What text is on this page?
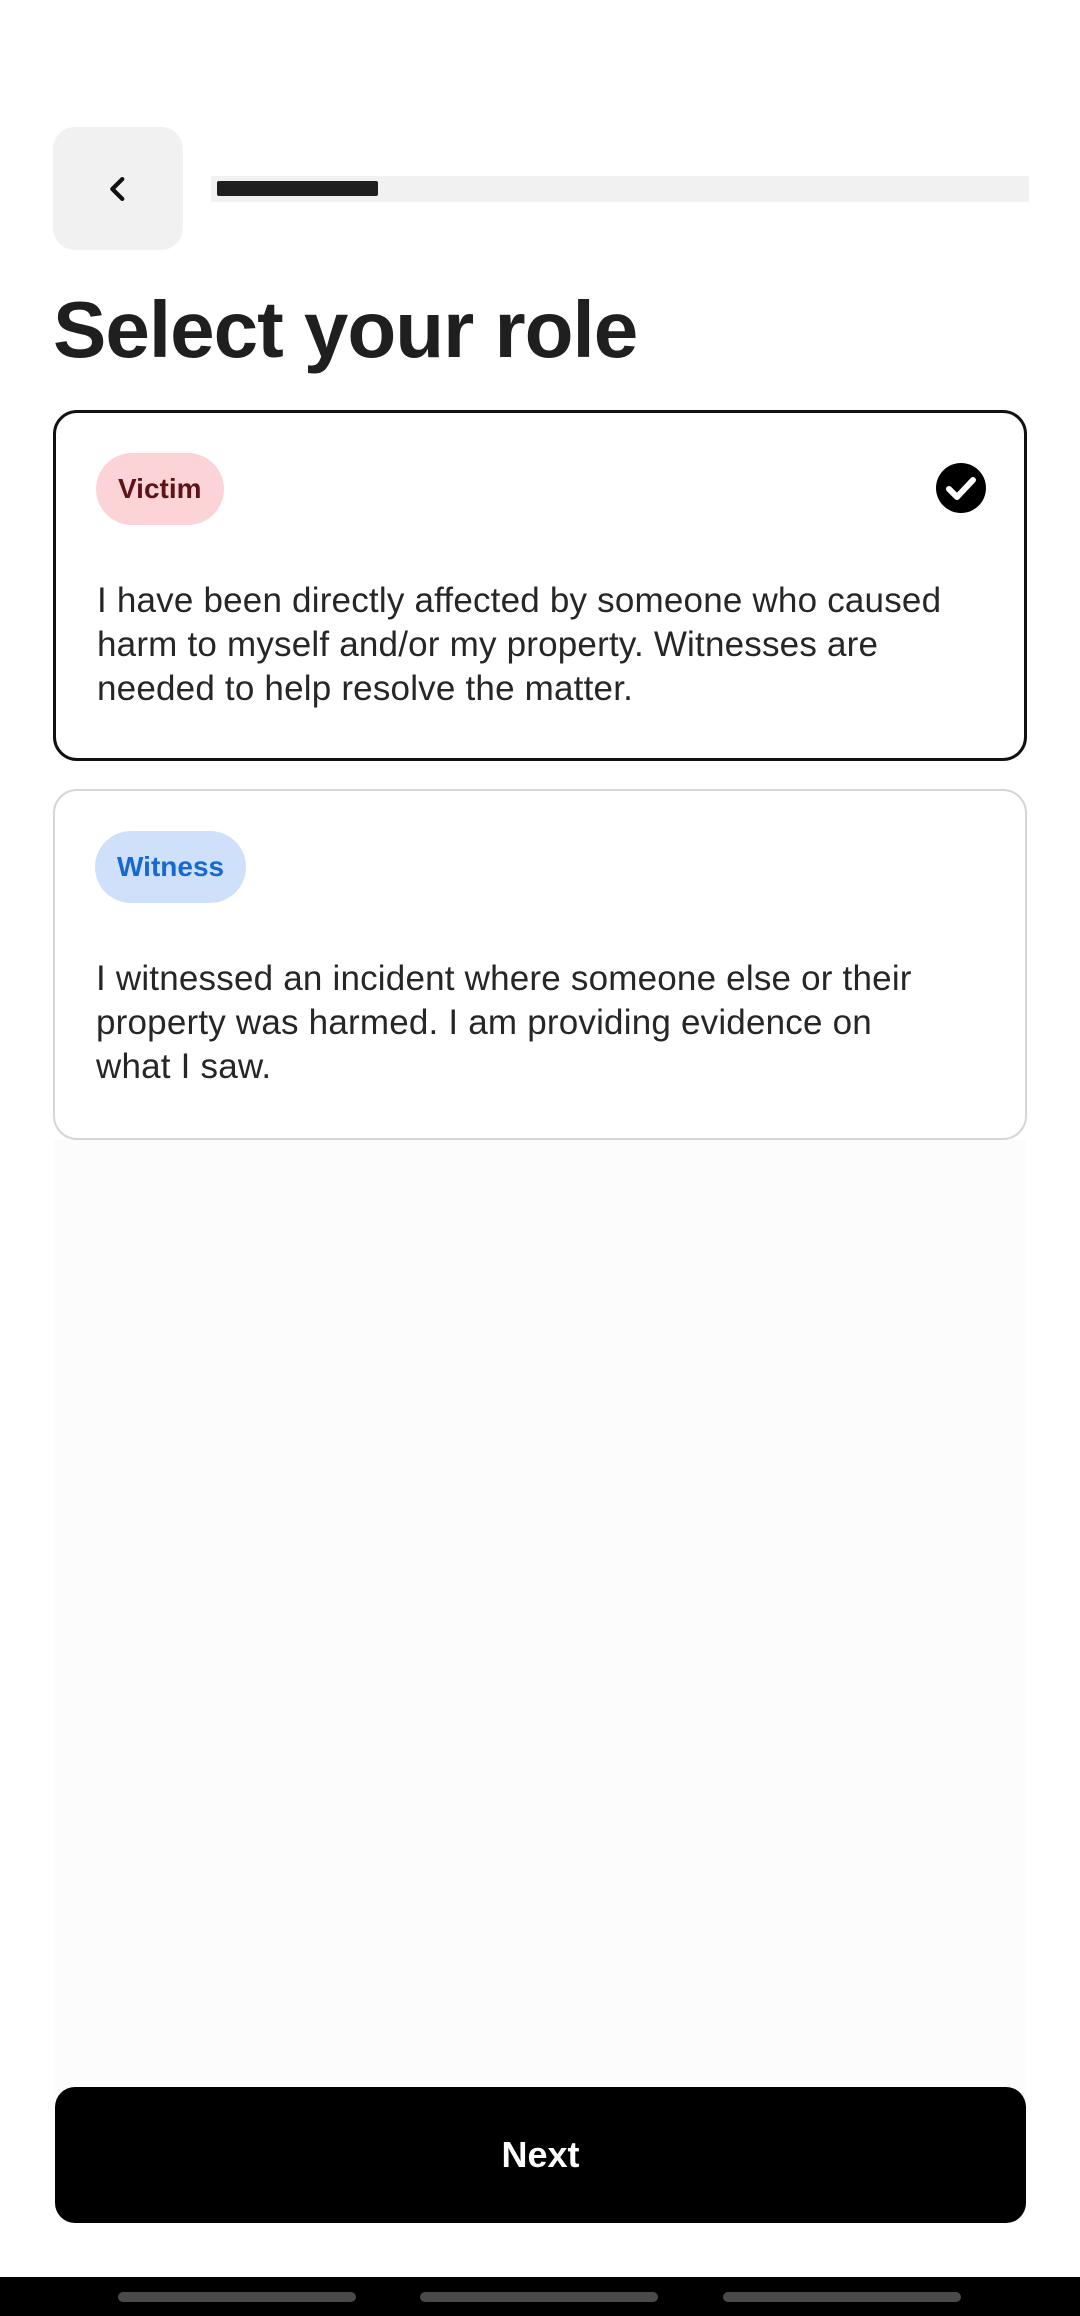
Select your role
Victim

I have been directly affected by someone who caused harm to myself and/or my property. Witnesses are needed to help resolve the matter.

Witness

I witnessed an incident where someone else or their property was harmed. I am providing evidence on what I saw.

Next
